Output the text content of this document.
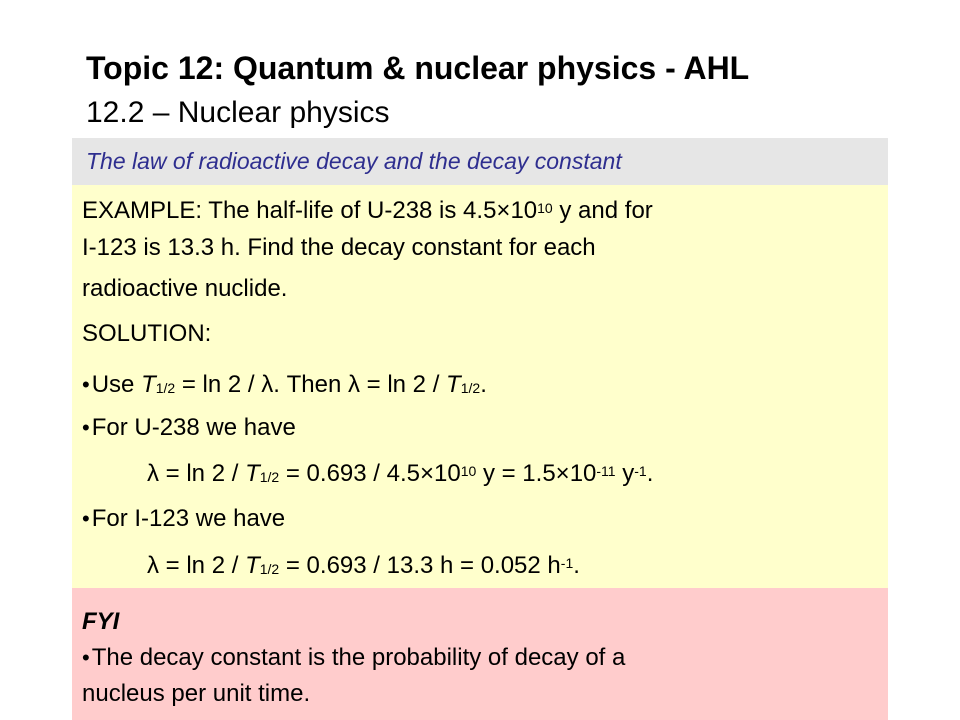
Topic 12: Quantum & nuclear physics - AHL
12.2 – Nuclear physics
The law of radioactive decay and the decay constant
EXAMPLE: The half-life of U-238 is $4.5\times 10^{10}$ y and for
I-123 is 13.3 h. Find the decay constant for each
radioactive nuclide.
SOLUTION:
•Use $T_{1/2} = \ln 2 / \lambda$. Then $\lambda = \ln 2 / T_{1/2}$.
•For U-238 we have
$\lambda = \ln 2 / T_{1/2} = 0.693 / 4.5\times 10^{10}$ $y = 1.5\times 10^{-11}$ $y^{-1}$.
•For I-123 we have
$\lambda = \ln 2 / T_{1/2} = 0.693 / 13.3$ h = 0.052 $h^{-1}$.
FYI
•The decay constant is the probability of decay of a
nucleus per unit time.
